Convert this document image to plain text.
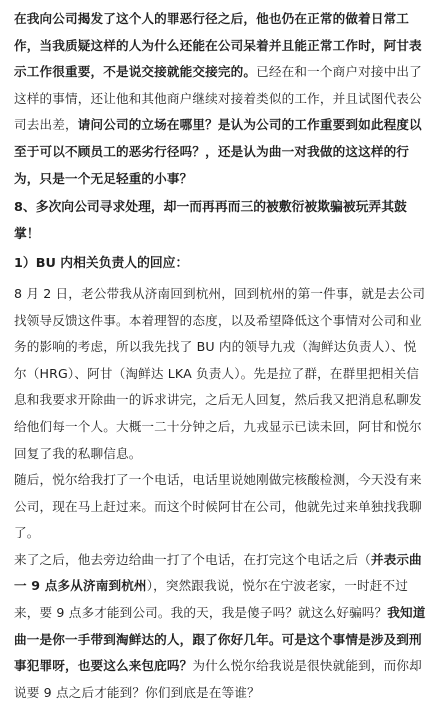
在我向公司揭发了这个人的罪恶行径之后，他也仍在正常的做着日常工作，当我质疑这样的人为什么还能在公司呆着并且能正常工作时，阿甘表示工作很重要，不是说交接就能交接完的。已经在和一个商户对接中出了这样的事情，还让他和其他商户继续对接着类似的工作，并且试图代表公司去出差，请问公司的立场在哪里？是认为公司的工作重要到如此程度以至于可以不顾员工的恶劣行径吗？，还是认为曲一对我做的这这样的行为，只是一个无足轻重的小事？

8、多次向公司寻求处理，却一而再再而三的被敷衍被欺骗被玩弄其鼓掌！

1）BU 内相关负责人的回应：

8 月 2 日，老公带我从济南回到杭州，回到杭州的第一件事，就是去公司找领导反馈这件事。本着理智的态度，以及希望降低这个事情对公司和业务的影响的考虑，所以我先找了 BU 内的领导九戎（淘鲜达负责人）、悦尔（HRG）、阿甘（淘鲜达 LKA 负责人）。先是拉了群，在群里把相关信息和我要求开除曲一的诉求讲完，之后无人回复，然后我又把消息私聊发给他们每一个人。大概一二十分钟之后，九戎显示已读未回，阿甘和悦尔回复了我的私聊信息。

随后，悦尔给我打了一个电话，电话里说她刚做完核酸检测，今天没有来公司，现在马上赶过来。而这个时候阿甘在公司，他就先过来单独找我聊了。

来了之后，他去旁边给曲一打了个电话，在打完这个电话之后（并表示曲一 9 点多从济南到杭州），突然跟我说，悦尔在宁波老家，一时赶不过来，要 9 点多才能到公司。我的天，我是傻子吗？就这么好骗吗？我知道曲一是你一手带到淘鲜达的人，跟了你好几年。可是这个事情是涉及到刑事犯罪呀，也要这么来包庇吗？为什么悦尔给我说是很快就能到，而你却说要 9 点之后才能到？你们到底是在等谁？
